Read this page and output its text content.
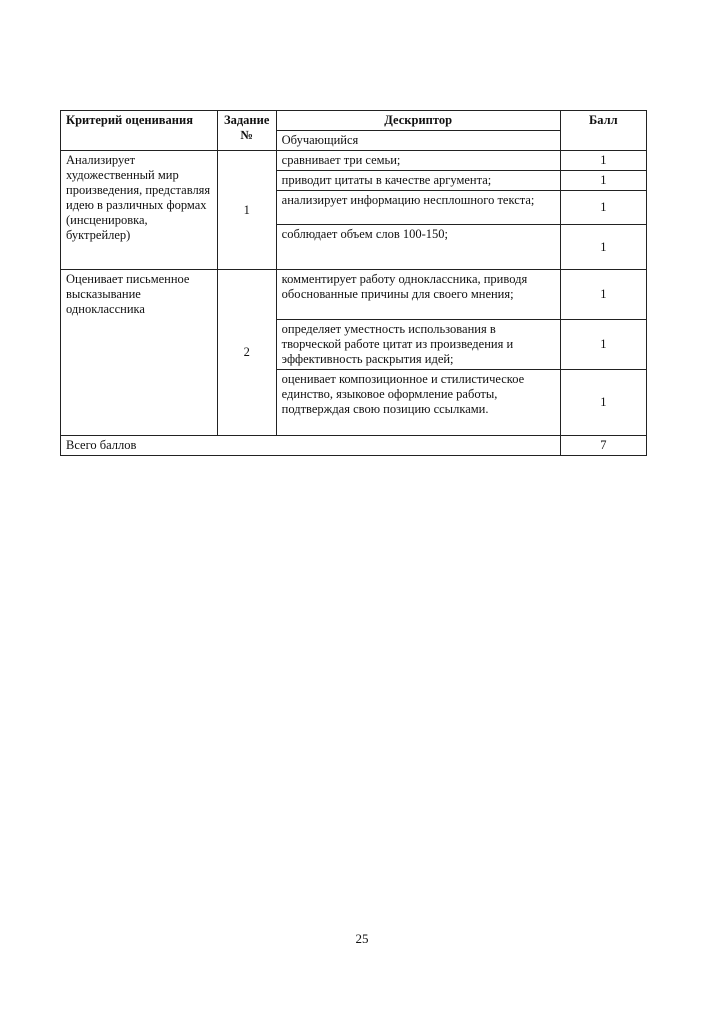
Критерий оценивания	Задание №	Дескриптор	Балл
		Обучающийся	
Анализирует художественный мир произведения, представляя идею в различных формах (инсценировка, буктрейлер)	1	сравнивает три семьи;	1
		приводит цитаты в качестве аргумента;	1
		анализирует информацию несплошного текста;	1
		соблюдает объем слов 100-150;	1
Оценивает письменное высказывание одноклассника	2	комментирует работу одноклассника, приводя обоснованные причины для своего мнения;	1
		определяет уместность использования в творческой работе цитат из произведения и эффективность раскрытия идей;	1
		оценивает композиционное и стилистическое единство, языковое оформление работы, подтверждая свою позицию ссылками.	1
Всего баллов			7
25
